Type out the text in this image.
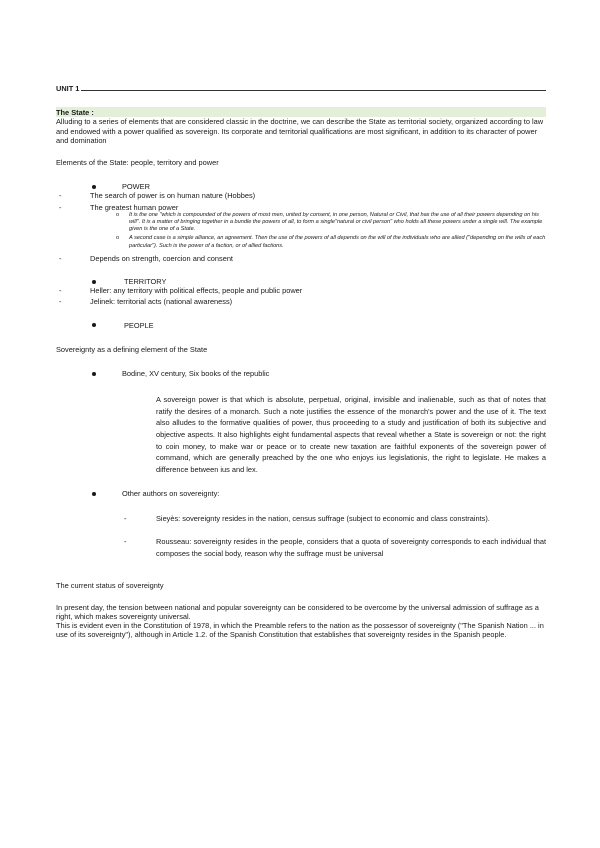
UNIT 1
The State :

Alluding to a series of elements that are considered classic in the doctrine, we can describe the State as territorial society, organized according to law and endowed with a power qualified as sovereign. Its corporate and territorial qualifications are most significant, in addition to its character of power and domination

Elements of the State: people, territory and power

POWER
-	The search of power is on human nature (Hobbes)
-	The greatest human power
o	It is the one "which is compounded of the powers of most men, united by consent, in one person, Natural or Civil, that has the use of all their powers depending on his will". It is a matter of bringing together in a bundle the powers of all, to form a single"natural or civil person" who holds all these powers under a single will. The example given is the one of a State.
o	A second case is a simple alliance, an agreement. Then the use of the powers of all depends on the will of the individuals who are allied ("depending on the wills of each particular"). Such is the power of a faction, or of allied factions.
-	Depends on strength, coercion and consent
TERRITORY
-	Heller: any territory with political effects, people and public power
-	Jelinek: territorial acts (national awareness)
PEOPLE

Sovereignty as a defining element of the State

Bodine, XV century, Six books of the republic

A sovereign power is that which is absolute, perpetual, original, invisible and inalienable, such as that of notes that ratify the desires of a monarch. Such a note justifies the essence of the monarch's power and the use of it. The text also alludes to the formative qualities of power, thus proceeding to a study and justification of both its subjective and objective aspects. It also highlights eight fundamental aspects that reveal whether a State is sovereign or not: the right to coin money, to make war or peace or to create new taxation are faithful exponents of the sovereign power of command, which are generally preached by the one who enjoys ius legislationis, the right to legislate. He makes a difference between ius and lex.

Other authors on sovereignty:
-	Sieyès: sovereignty resides in the nation, census suffrage (subject to economic and class constraints).
-	Rousseau: sovereignty resides in the people, considers that a quota of sovereignty corresponds to each individual that composes the social body, reason why the suffrage must be universal

The current status of sovereignty

In present day, the tension between national and popular sovereignty can be considered to be overcome by the universal admission of suffrage as a right, which makes sovereignty universal.

This is evident even in the Constitution of 1978, in which the Preamble refers to the nation as the possessor of sovereignty ("The Spanish Nation ... in use of its sovereignty"), although in Article 1.2. of the Spanish Constitution that establishes that sovereignty resides in the Spanish people.
